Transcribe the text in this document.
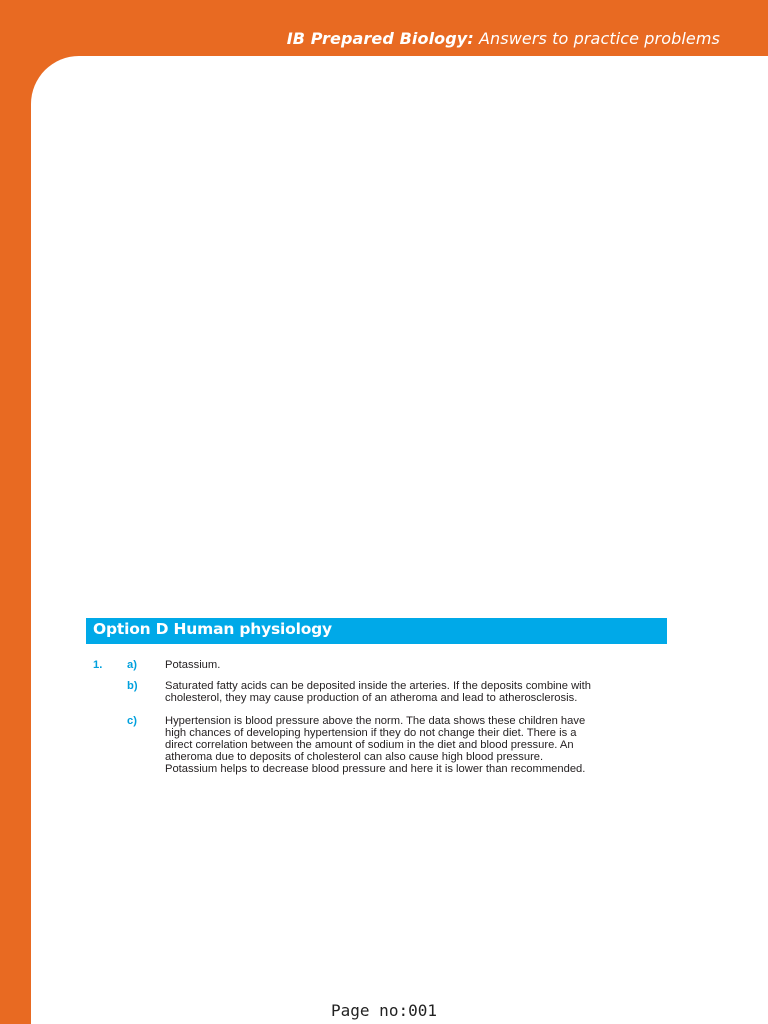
IB Prepared Biology: Answers to practice problems
Option D Human physiology
1. a)	Potassium.
b) Saturated fatty acids can be deposited inside the arteries. If the deposits combine with
cholesterol, they may cause production of an atheroma and lead to atherosclerosis.
c)	Hypertension is blood pressure above the norm. The data shows these children have
high chances of developing hypertension if they do not change their diet. There is a
direct correlation between the amount of sodium in the diet and blood pressure. An
atheroma due to deposits of cholesterol can also cause high blood pressure.
Potassium helps to decrease blood pressure and here it is lower than recommended.
Page no:001
